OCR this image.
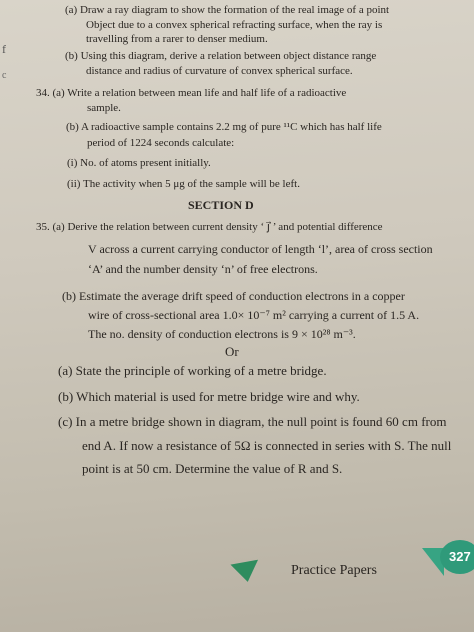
f
c
(a) Draw a ray diagram to show the formation of the real image of a point
Object due to a convex spherical refracting surface, when the ray is
travelling from a rarer to denser medium.
(b) Using this diagram, derive a relation between object distance range
distance and radius of curvature of convex spherical surface.
34. (a) Write a relation between mean life and half life of a radioactive
sample.
(b) A radioactive sample contains 2.2 mg of pure ¹¹C which has half life
period of 1224 seconds calculate:
(i) No. of atoms present initially.
(ii) The activity when 5 μg of the sample will be left.
SECTION D
35. (a) Derive the relation between current density ‘ j⃗ ’ and potential difference
V across a current carrying conductor of length ‘l’, area of cross section
‘A’ and the number density ‘n’ of free electrons.
(b) Estimate the average drift speed of conduction electrons in a copper
wire of cross-sectional area 1.0× 10⁻⁷ m² carrying a current of 1.5 A.
The no. density of conduction electrons is 9 × 10²⁸ m⁻³.
Or
(a) State the principle of working of a metre bridge.
(b) Which material is used for metre bridge wire and why.
(c) In a metre bridge shown in diagram, the null point is found 60 cm from
end A. If now a resistance of 5Ω is connected in series with S. The null
point is at 50 cm. Determine the value of R and S.
Practice Papers
327
